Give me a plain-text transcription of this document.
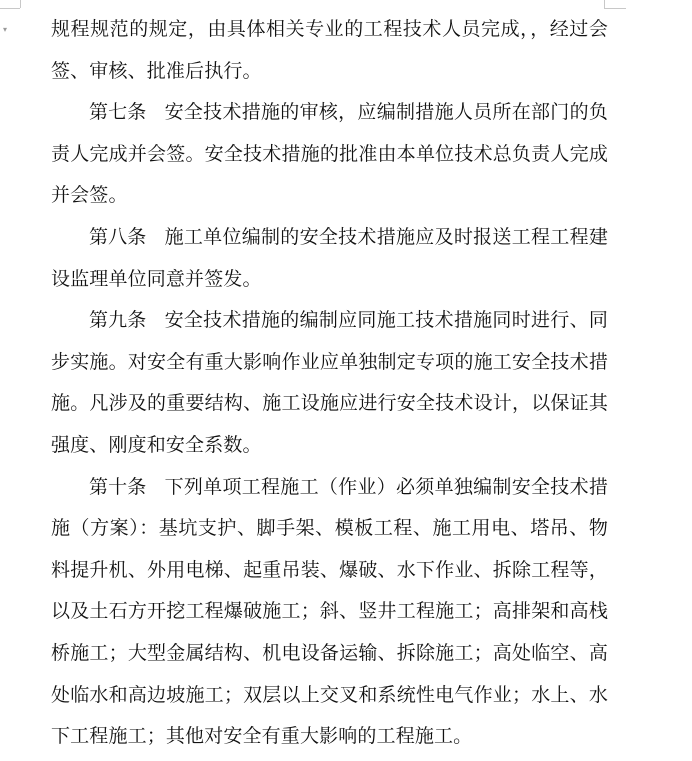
▾ 规程规范的规定，由具体相关专业的工程技术人员完成，，经过会签、审核、批准后执行。

第七条 安全技术措施的审核，应编制措施人员所在部门的负责人完成并会签。安全技术措施的批准由本单位技术总负责人完成并会签。

第八条 施工单位编制的安全技术措施应及时报送工程工程建设监理单位同意并签发。

第九条 安全技术措施的编制应同施工技术措施同时进行、同步实施。对安全有重大影响作业应单独制定专项的施工安全技术措施。凡涉及的重要结构、施工设施应进行安全技术设计，以保证其强度、刚度和安全系数。

第十条 下列单项工程施工（作业）必须单独编制安全技术措施（方案）：基坑支护、脚手架、模板工程、施工用电、塔吊、物料提升机、外用电梯、起重吊装、爆破、水下作业、拆除工程等，以及土石方开挖工程爆破施工；斜、竖井工程施工；高排架和高栈桥施工；大型金属结构、机电设备运输、拆除施工；高处临空、高处临水和高边坡施工；双层以上交叉和系统性电气作业；水上、水下工程施工；其他对安全有重大影响的工程施工。
